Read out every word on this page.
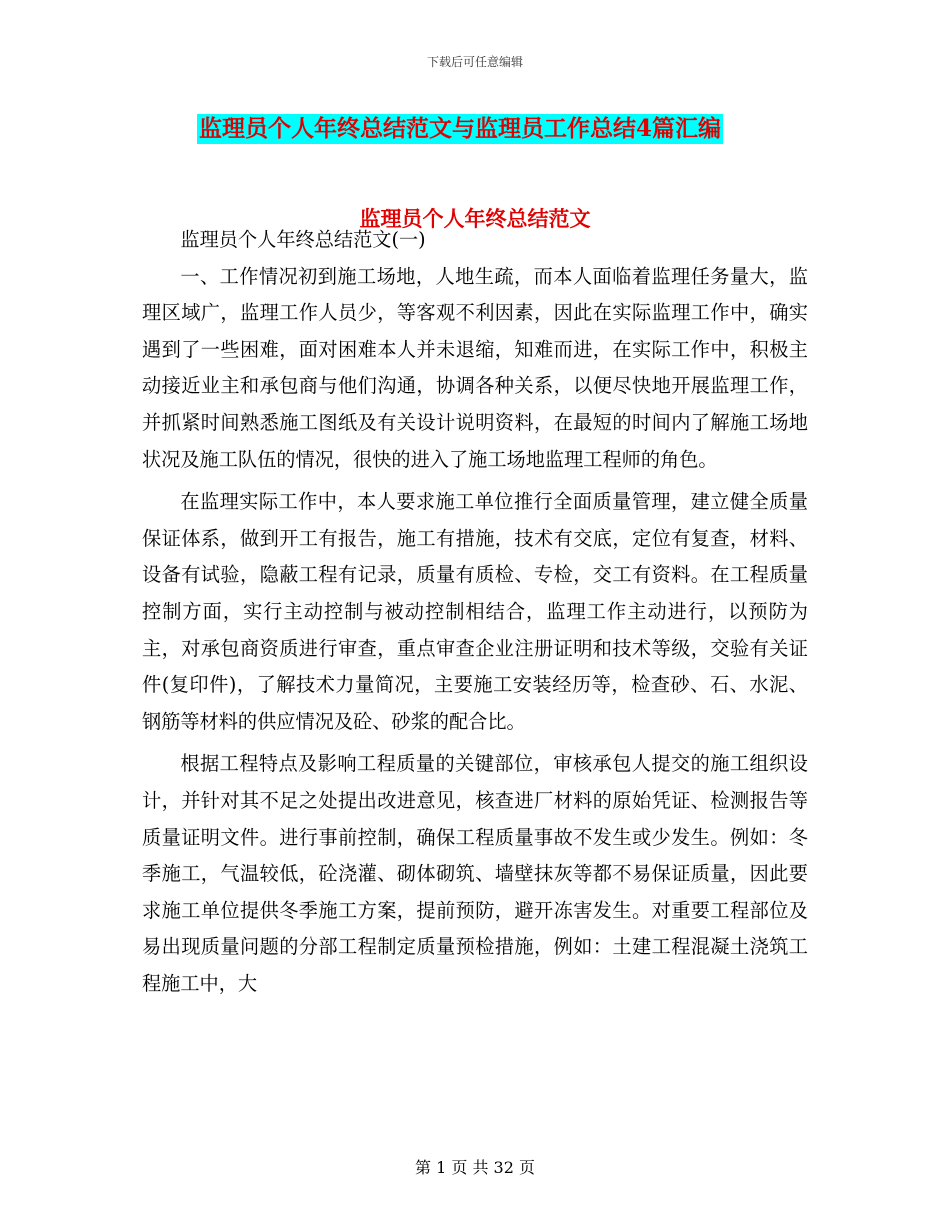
下载后可任意编辑
监理员个人年终总结范文与监理员工作总结4篇汇编
监理员个人年终总结范文

监理员个人年终总结范文(一)

一、工作情况初到施工场地，人地生疏，而本人面临着监理任务量大，监理区域广，监理工作人员少，等客观不利因素，因此在实际监理工作中，确实遇到了一些困难，面对困难本人并未退缩，知难而进，在实际工作中，积极主动接近业主和承包商与他们沟通，协调各种关系，以便尽快地开展监理工作，并抓紧时间熟悉施工图纸及有关设计说明资料，在最短的时间内了解施工场地状况及施工队伍的情况，很快的进入了施工场地监理工程师的角色。

在监理实际工作中，本人要求施工单位推行全面质量管理，建立健全质量保证体系，做到开工有报告，施工有措施，技术有交底，定位有复查，材料、设备有试验，隐蔽工程有记录，质量有质检、专检，交工有资料。在工程质量控制方面，实行主动控制与被动控制相结合，监理工作主动进行，以预防为主，对承包商资质进行审查，重点审查企业注册证明和技术等级，交验有关证件(复印件)，了解技术力量简况，主要施工安装经历等，检查砂、石、水泥、钢筋等材料的供应情况及砼、砂浆的配合比。

根据工程特点及影响工程质量的关键部位，审核承包人提交的施工组织设计，并针对其不足之处提出改进意见，核查进厂材料的原始凭证、检测报告等质量证明文件。进行事前控制，确保工程质量事故不发生或少发生。例如：冬季施工，气温较低，砼浇灌、砌体砌筑、墙壁抹灰等都不易保证质量，因此要求施工单位提供冬季施工方案，提前预防，避开冻害发生。对重要工程部位及易出现质量问题的分部工程制定质量预检措施，例如：土建工程混凝土浇筑工程施工中，大

第 1 页 共 32 页
